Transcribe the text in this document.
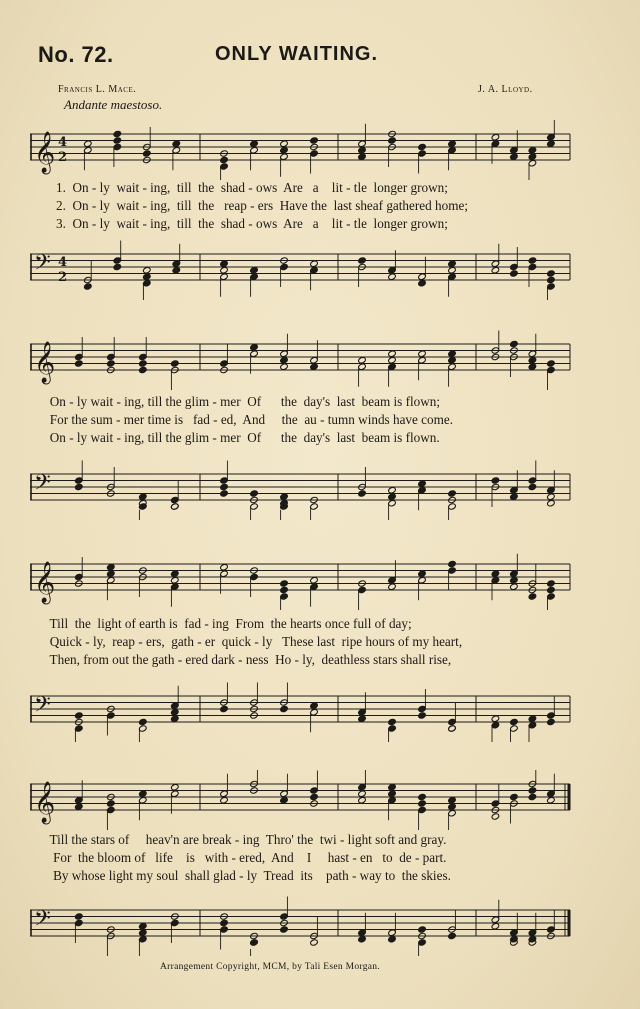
No. 72.	ONLY WAITING.
Francis L. Mace.	J. A. Lloyd.
Andante maestoso.
𝄞 4
2
1.  On - ly  wait - ing,  till  the  shad - ows  Are   a    lit - tle  longer grown;
2.  On - ly  wait - ing,  till  the   reap - ers  Have the  last sheaf gathered home;
3.  On - ly  wait - ing,  till  the  shad - ows  Are   a    lit - tle  longer grown;
𝄢 4
2
𝄞
On - ly wait - ing, till the glim - mer  Of      the  day's  last  beam is flown;
For the sum - mer time is   fad - ed,  And     the  au - tumn winds have come.
On - ly wait - ing, till the glim - mer  Of      the  day's  last  beam is flown.
𝄢
𝄞
Till  the  light of earth is  fad - ing  From  the hearts once full of day;
Quick - ly,  reap - ers,  gath - er  quick - ly   These last  ripe hours of my heart,
Then, from out the gath - ered dark - ness  Ho - ly,  deathless stars shall rise,
𝄢
𝄞
Till the stars of     heav'n are break - ing  Thro' the  twi - light soft and gray.
For  the bloom of   life    is   with - ered,  And    I     hast - en   to  de - part.
By whose light my soul  shall glad - ly  Tread  its    path - way to  the skies.
𝄢
Arrangement Copyright, MCM, by Tali Esen Morgan.
